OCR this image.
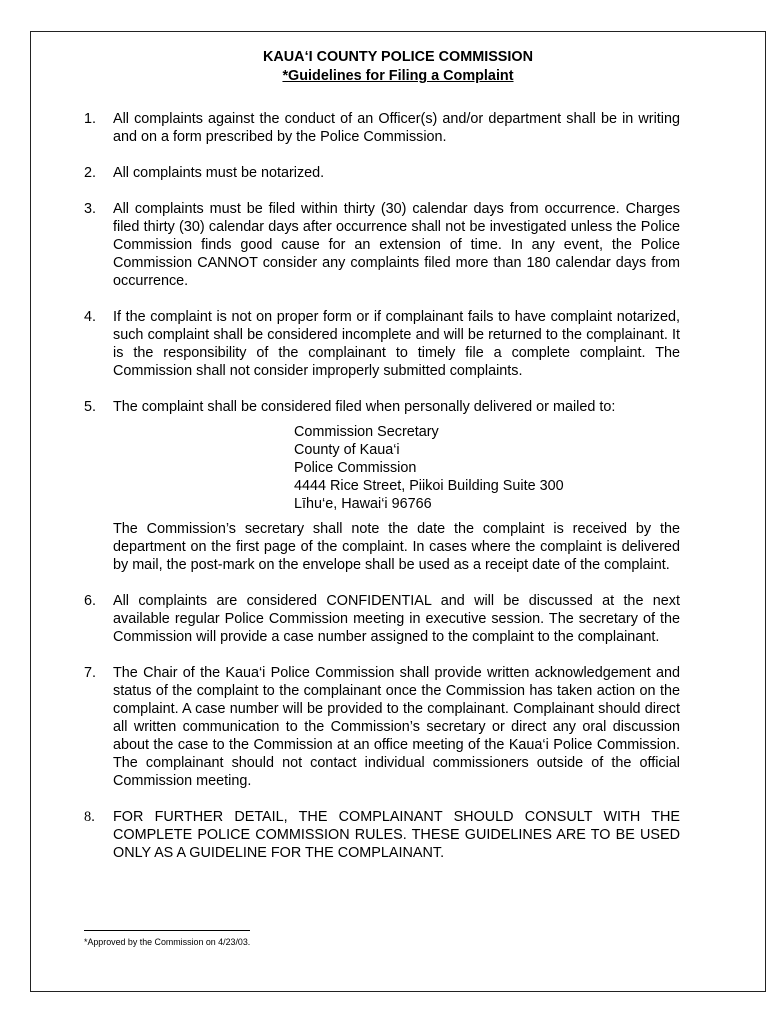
KAUA‘I COUNTY POLICE COMMISSION
*Guidelines for Filing a Complaint
1. All complaints against the conduct of an Officer(s) and/or department shall be in writing and on a form prescribed by the Police Commission.

2. All complaints must be notarized.

3. All complaints must be filed within thirty (30) calendar days from occurrence. Charges filed thirty (30) calendar days after occurrence shall not be investigated unless the Police Commission finds good cause for an extension of time. In any event, the Police Commission CANNOT consider any complaints filed more than 180 calendar days from occurrence.

4. If the complaint is not on proper form or if complainant fails to have complaint notarized, such complaint shall be considered incomplete and will be returned to the complainant. It is the responsibility of the complainant to timely file a complete complaint. The Commission shall not consider improperly submitted complaints.

5. The complaint shall be considered filed when personally delivered or mailed to:

Commission Secretary
County of Kaua‘i
Police Commission
4444 Rice Street, Piikoi Building Suite 300
Līhu‘e, Hawai‘i 96766

The Commission’s secretary shall note the date the complaint is received by the department on the first page of the complaint. In cases where the complaint is delivered by mail, the post-mark on the envelope shall be used as a receipt date of the complaint.

6. All complaints are considered CONFIDENTIAL and will be discussed at the next available regular Police Commission meeting in executive session. The secretary of the Commission will provide a case number assigned to the complaint to the complainant.

7. The Chair of the Kaua‘i Police Commission shall provide written acknowledgement and status of the complaint to the complainant once the Commission has taken action on the complaint. A case number will be provided to the complainant. Complainant should direct all written communication to the Commission’s secretary or direct any oral discussion about the case to the Commission at an office meeting of the Kaua‘i Police Commission. The complainant should not contact individual commissioners outside of the official Commission meeting.

8. FOR FURTHER DETAIL, THE COMPLAINANT SHOULD CONSULT WITH THE COMPLETE POLICE COMMISSION RULES. THESE GUIDELINES ARE TO BE USED ONLY AS A GUIDELINE FOR THE COMPLAINANT.

*Approved by the Commission on 4/23/03.
